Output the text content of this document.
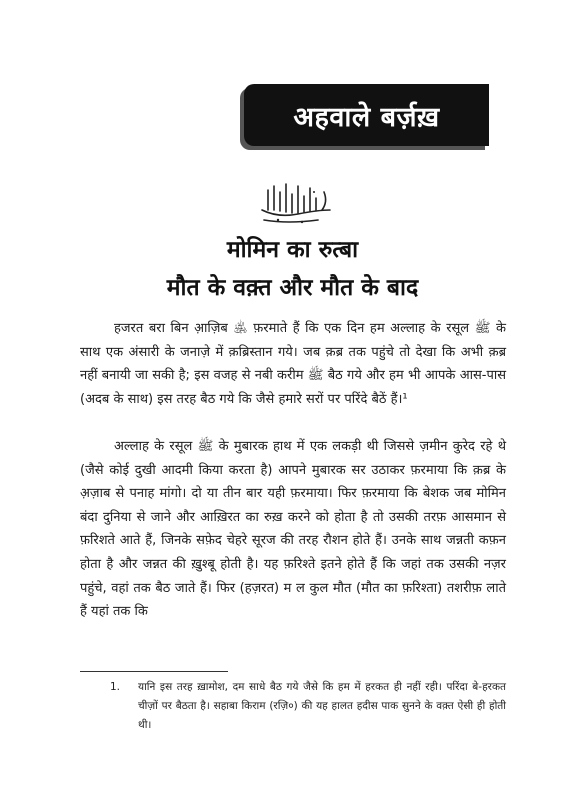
अहवाले बर्ज़ख़
मोमिन का रुत्बा
मौत के वक़्त और मौत के बाद

हजरत बरा बिन आ़ज़िब ﵁ फ़रमाते हैं कि एक दिन हम अल्लाह के रसूल ﷺ के साथ एक अंसारी के जनाज़े में क़ब्रिस्तान गये। जब क़ब्र तक पहुंचे तो देखा कि अभी क़ब्र नहीं बनायी जा सकी है; इस वजह से नबी करीम ﷺ बैठ गये और हम भी आपके आस-पास (अदब के साथ) इस तरह बैठ गये कि जैसे हमारे सरों पर परिंदे बैठें हैं।¹

अल्लाह के रसूल ﷺ के मुबारक हाथ में एक लकड़ी थी जिससे ज़मीन कुरेद रहे थे (जैसे कोई दुखी आदमी किया करता है) आपने मुबारक सर उठाकर फ़रमाया कि क़ब्र के अ़ज़ाब से पनाह मांगो। दो या तीन बार यही फ़रमाया। फिर फ़रमाया कि बेशक जब मोमिन बंदा दुनिया से जाने और आख़िरत का रुख़ करने को होता है तो उसकी तरफ़ आसमान से फ़रिशते आते हैं, जिनके सफ़ेद चेहरे सूरज की तरह रौशन होते हैं। उनके साथ जन्नती कफ़न होता है और जन्नत की ख़ुश्बू होती है। यह फ़रिश्ते इतने होते हैं कि जहां तक उसकी नज़र पहुंचे, वहां तक बैठ जाते हैं। फिर (हज़रत) म ल कुल मौत (मौत का फ़रिश्ता) तशरीफ़ लाते हैं यहां तक कि

1.	यानि इस तरह ख़ामोश, दम साधे बैठ गये जैसे कि हम में हरकत ही नहीं रही। परिंदा बे-हरकत चीज़ों पर बैठता है। सहाबा किराम (रज़ि०) की यह हालत हदीस पाक सुनने के वक़्त ऐसी ही होती थी।
